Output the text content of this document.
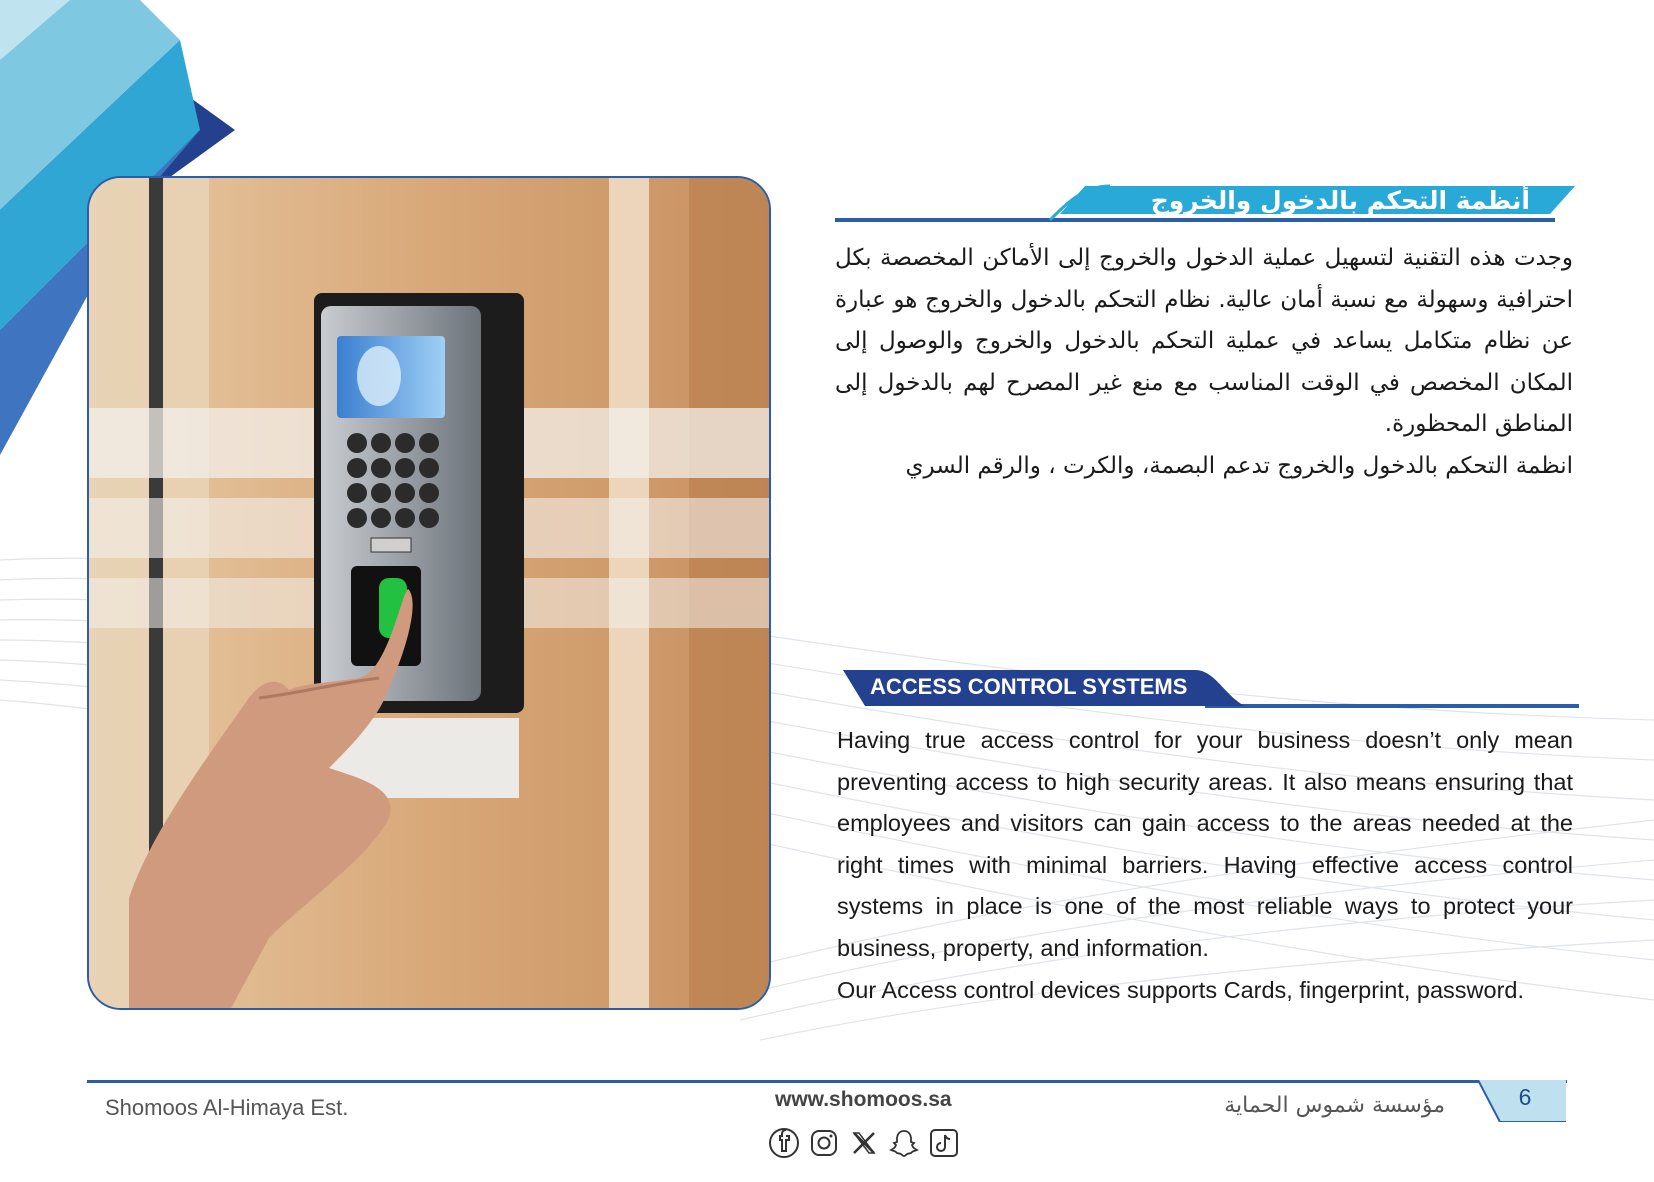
أنظمة التحكم بالدخول والخروج

وجدت هذه التقنية لتسهيل عملية الدخول والخروج إلى الأماكن المخصصة بكل احترافية وسهولة مع نسبة أمان عالية. نظام التحكم بالدخول والخروج هو عبارة عن نظام متكامل يساعد في عملية التحكم بالدخول والخروج والوصول إلى المكان المخصص في الوقت المناسب مع منع غير المصرح لهم بالدخول إلى المناطق المحظورة.

انظمة التحكم بالدخول والخروج تدعم البصمة، والكرت ، والرقم السري

ACCESS CONTROL SYSTEMS

Having true access control for your business doesn’t only mean preventing access to high security areas. It also means ensuring that employees and visitors can gain access to the areas needed at the right times with minimal barriers. Having effective access control systems in place is one of the most reliable ways to protect your business, property, and information.

Our Access control devices supports Cards, fingerprint, password.

Shomoos Al-Himaya Est.	www.shomoos.sa	مؤسسة شموس الحماية	6
